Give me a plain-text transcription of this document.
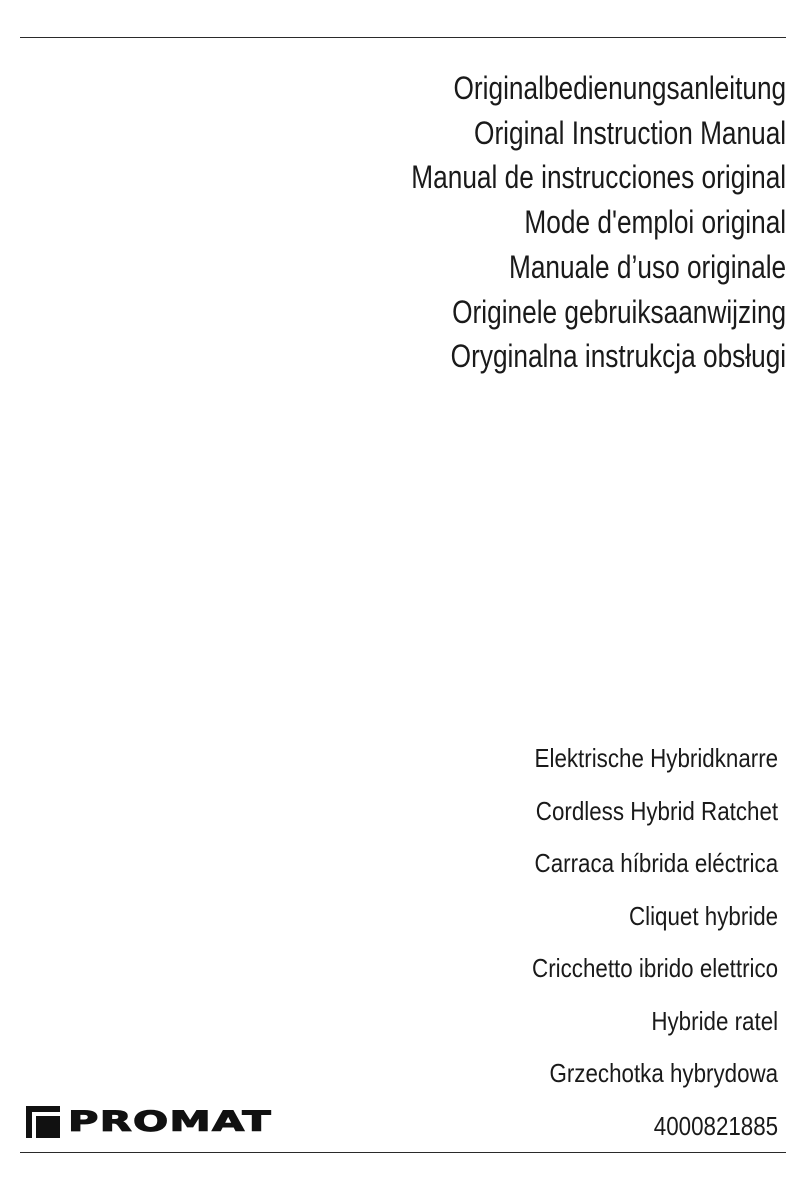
Originalbedienungsanleitung
Original Instruction Manual
Manual de instrucciones original
Mode d'emploi original
Manuale d’uso originale
Originele gebruiksaanwijzing
Oryginalna instrukcja obsługi
Elektrische Hybridknarre
Cordless Hybrid Ratchet
Carraca híbrida eléctrica
Cliquet hybride
Cricchetto ibrido elettrico
Hybride ratel
Grzechotka hybrydowa
4000821885
PROMAT
